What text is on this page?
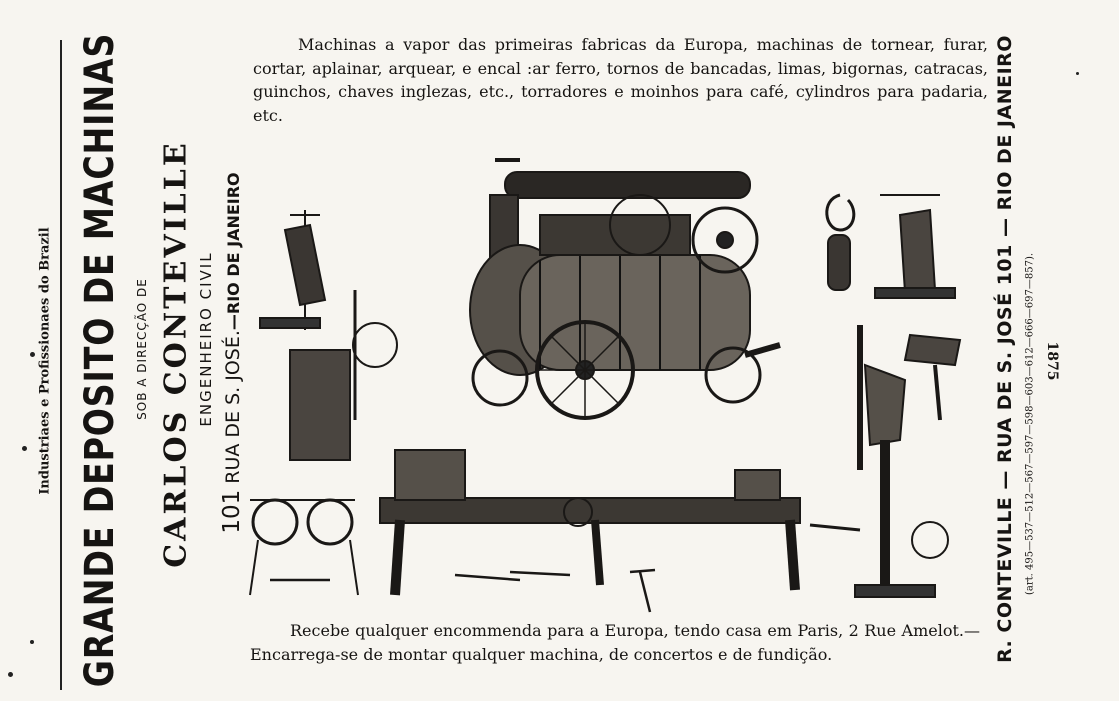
Industriaes e Profissionaes do Brazil GRANDE DEPOSITO DE MACHINAS SOB A DIRECÇÃO DE CARLOS CONTEVILLE ENGENHEIRO CIVIL
101 RUA DE S. JOSÉ.—RIO DE JANEIRO
Machinas a vapor das primeiras fabricas da Europa, machinas de tornear, furar, cortar, aplainar, arquear, e encal :ar ferro, tornos de bancadas, limas, bigornas, catracas, guinchos, chaves inglezas, etc., torradores e moinhos para café, cylindros para padaria, etc.
Recebe qualquer encommenda para a Europa, tendo casa em Paris, 2 Rue Amelot.—Encarrega-se de montar qualquer machina, de concertos e de fundição.	R. CONTEVILLE — RUA DE S. JOSÉ 101 — RIO DE JANEIRO (art. 495—537—512—567—597—598—603—612—666—697—857). 1875
